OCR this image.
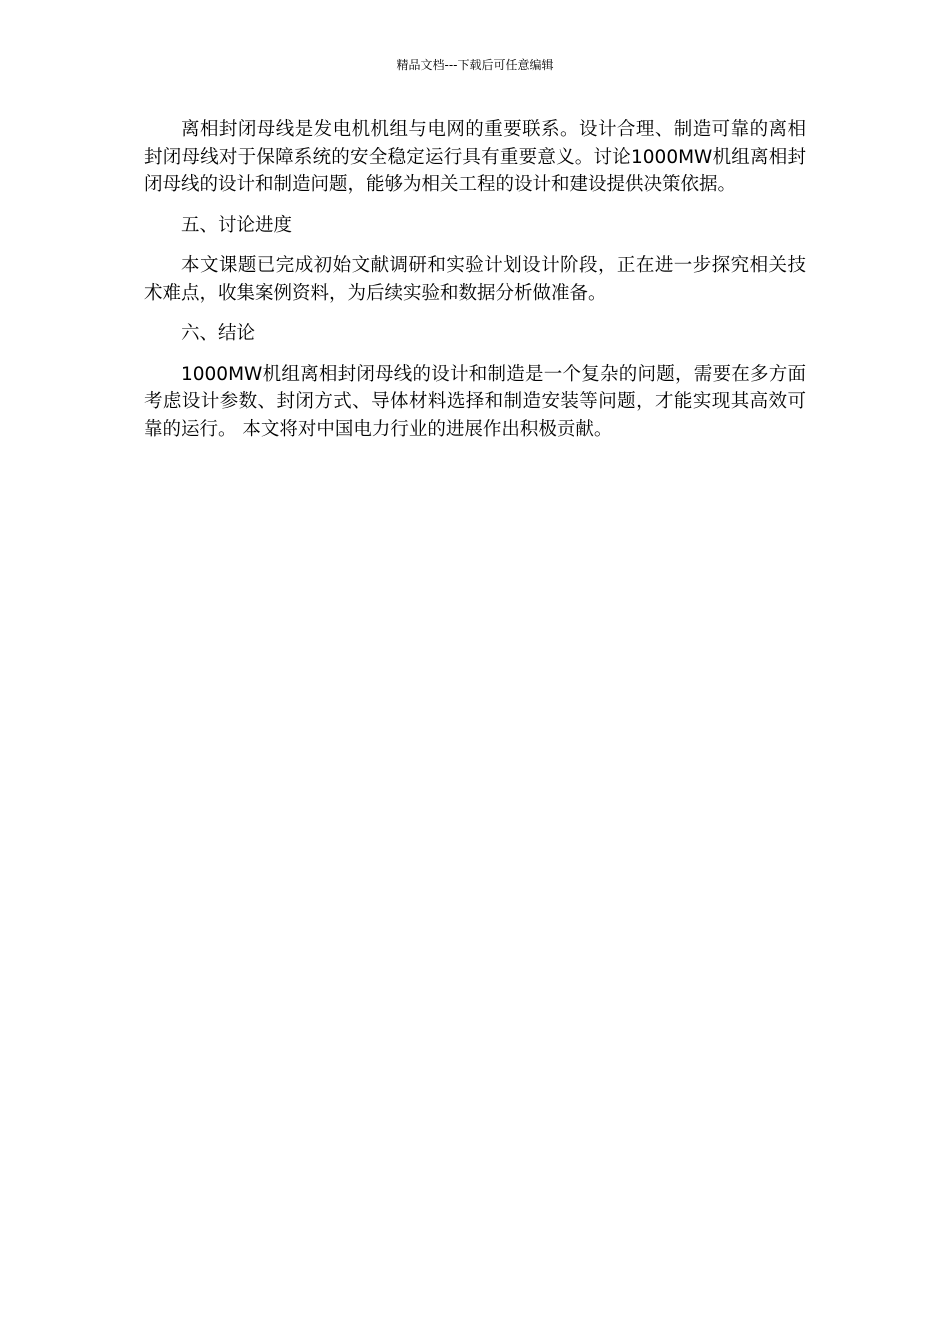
精品文档---下载后可任意编辑

离相封闭母线是发电机机组与电网的重要联系。设计合理、制造可靠的离相封闭母线对于保障系统的安全稳定运行具有重要意义。讨论1000MW机组离相封闭母线的设计和制造问题，能够为相关工程的设计和建设提供决策依据。

五、讨论进度

本文课题已完成初始文献调研和实验计划设计阶段，正在进一步探究相关技术难点，收集案例资料，为后续实验和数据分析做准备。

六、结论

1000MW机组离相封闭母线的设计和制造是一个复杂的问题，需要在多方面考虑设计参数、封闭方式、导体材料选择和制造安装等问题，才能实现其高效可靠的运行。 本文将对中国电力行业的进展作出积极贡献。
